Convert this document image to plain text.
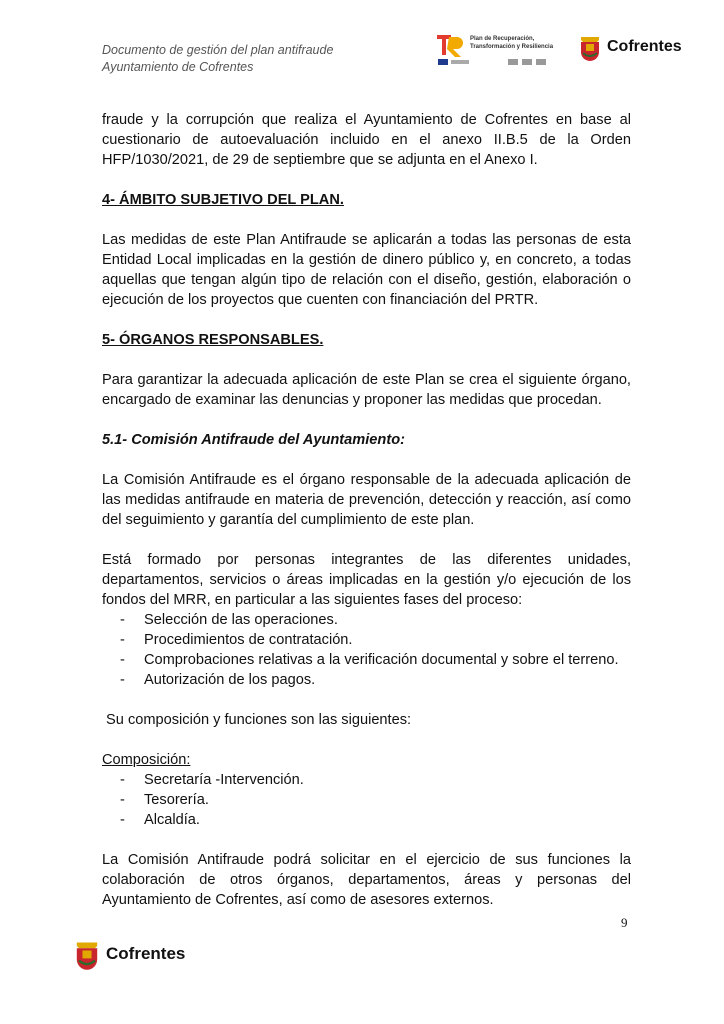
Documento de gestión del plan antifraude
Ayuntamiento de Cofrentes
Plan de Recuperación,
Transformación y Resiliencia	Cofrentes

fraude y la corrupción que realiza el Ayuntamiento de Cofrentes en base al cuestionario de autoevaluación incluido en el anexo II.B.5 de la Orden HFP/1030/2021, de 29 de septiembre que se adjunta en el Anexo I.

4- ÁMBITO SUBJETIVO DEL PLAN.

Las medidas de este Plan Antifraude se aplicarán a todas las personas de esta Entidad Local implicadas en la gestión de dinero público y, en concreto, a todas aquellas que tengan algún tipo de relación con el diseño, gestión, elaboración o ejecución de los proyectos que cuenten con financiación del PRTR.

5- ÓRGANOS RESPONSABLES.

Para garantizar la adecuada aplicación de este Plan se crea el siguiente órgano, encargado de examinar las denuncias y proponer las medidas que procedan.

5.1- Comisión Antifraude del Ayuntamiento:

La Comisión Antifraude es el órgano responsable de la adecuada aplicación de las medidas antifraude en materia de prevención, detección y reacción, así como del seguimiento y garantía del cumplimiento de este plan.

Está formado por personas integrantes de las diferentes unidades, departamentos, servicios o áreas implicadas en la gestión y/o ejecución de los fondos del MRR, en particular a las siguientes fases del proceso:

- Selección de las operaciones.
- Procedimientos de contratación.
- Comprobaciones relativas a la verificación documental y sobre el terreno.
- Autorización de los pagos.

Su composición y funciones son las siguientes:

Composición:

- Secretaría -Intervención.
- Tesorería.
- Alcaldía.

La Comisión Antifraude podrá solicitar en el ejercicio de sus funciones la colaboración de otros órganos, departamentos, áreas y personas del Ayuntamiento de Cofrentes, así como de asesores externos.

9
Cofrentes
